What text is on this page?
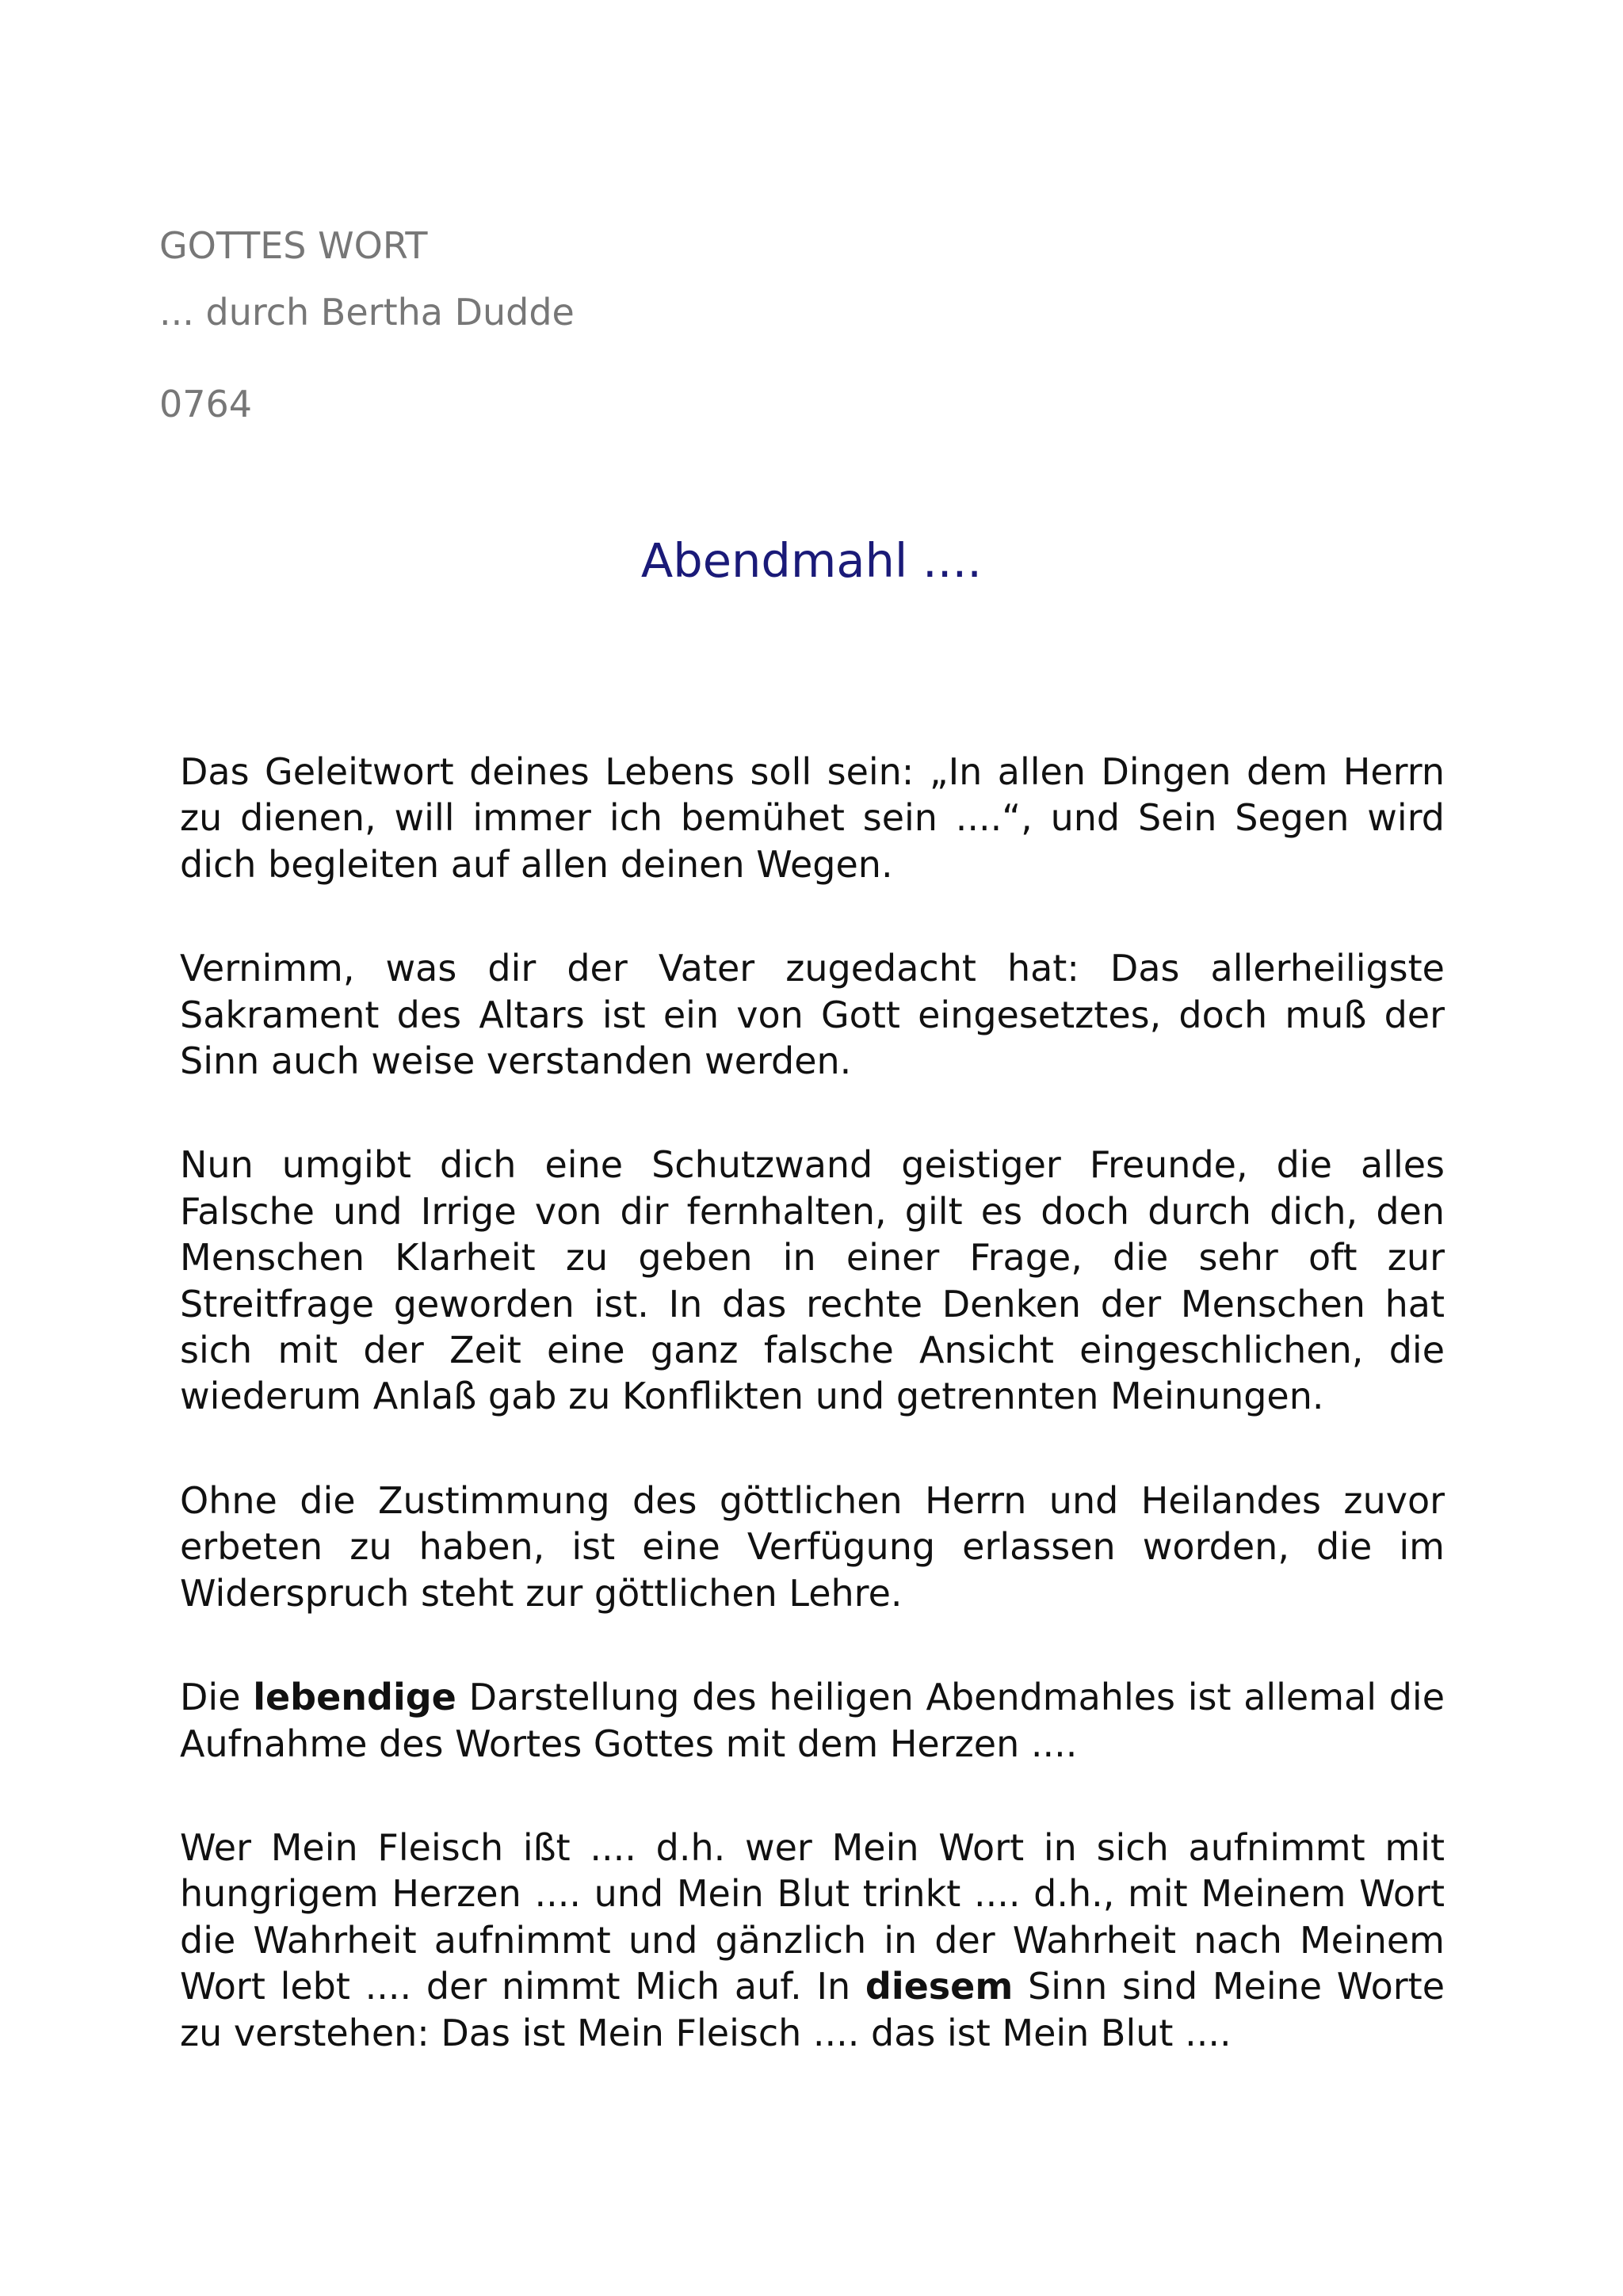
GOTTES WORT
... durch Bertha Dudde
0764
Abendmahl ....

Das Geleitwort deines Lebens soll sein: „In allen Dingen dem Herrn zu dienen, will immer ich bemühet sein ....“, und Sein Segen wird dich begleiten auf allen deinen Wegen.

Vernimm, was dir der Vater zugedacht hat: Das allerheiligste Sakrament des Altars ist ein von Gott eingesetztes, doch muß der Sinn auch weise verstanden werden.

Nun umgibt dich eine Schutzwand geistiger Freunde, die alles Falsche und Irrige von dir fernhalten, gilt es doch durch dich, den Menschen Klarheit zu geben in einer Frage, die sehr oft zur Streitfrage geworden ist. In das rechte Denken der Menschen hat sich mit der Zeit eine ganz falsche Ansicht eingeschlichen, die wiederum Anlaß gab zu Konflikten und getrennten Meinungen.

Ohne die Zustimmung des göttlichen Herrn und Heilandes zuvor erbeten zu haben, ist eine Verfügung erlassen worden, die im Widerspruch steht zur göttlichen Lehre.

Die lebendige Darstellung des heiligen Abendmahles ist allemal die Aufnahme des Wortes Gottes mit dem Herzen ....

Wer Mein Fleisch ißt .... d.h. wer Mein Wort in sich aufnimmt mit hungrigem Herzen .... und Mein Blut trinkt .... d.h., mit Meinem Wort die Wahrheit aufnimmt und gänzlich in der Wahrheit nach Meinem Wort lebt .... der nimmt Mich auf. In diesem Sinn sind Meine Worte zu verstehen: Das ist Mein Fleisch .... das ist Mein Blut ....
